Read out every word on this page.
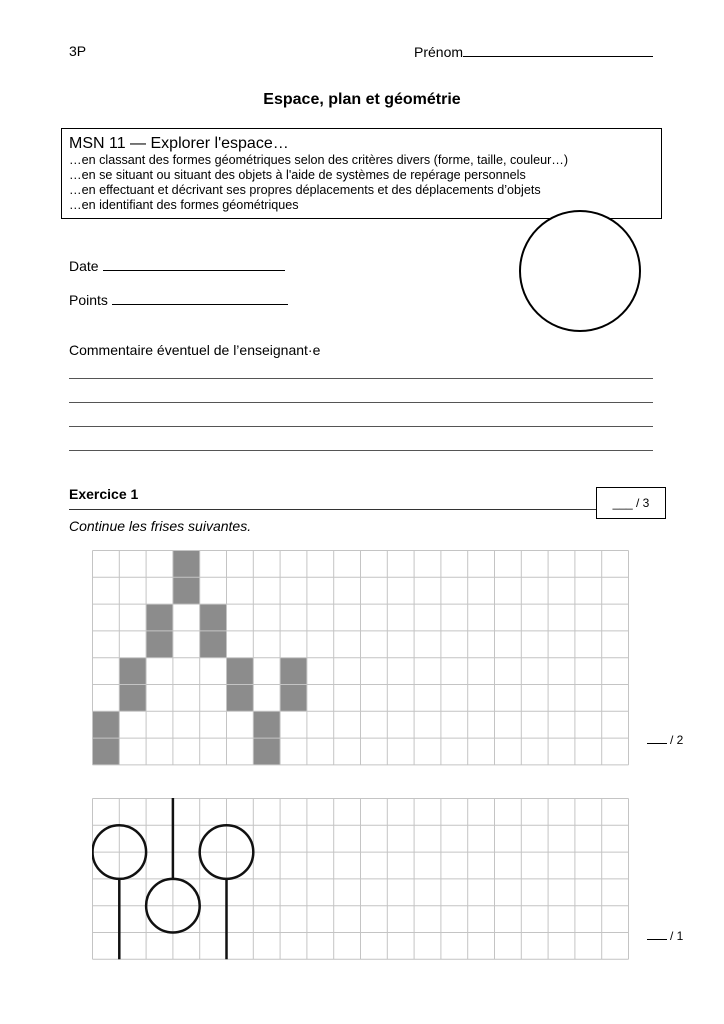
3P	Prénom
Espace, plan et géométrie
MSN 11 — Explorer l'espace…
…en classant des formes géométriques selon des critères divers (forme, taille, couleur…)
…en se situant ou situant des objets à l'aide de systèmes de repérage personnels
…en effectuant et décrivant ses propres déplacements et des déplacements d’objets
…en identifiant des formes géométriques
Date
Points
Commentaire éventuel de l’enseignant·e
Exercice 1
___ / 3
Continue les frises suivantes.
/ 2
/ 1
